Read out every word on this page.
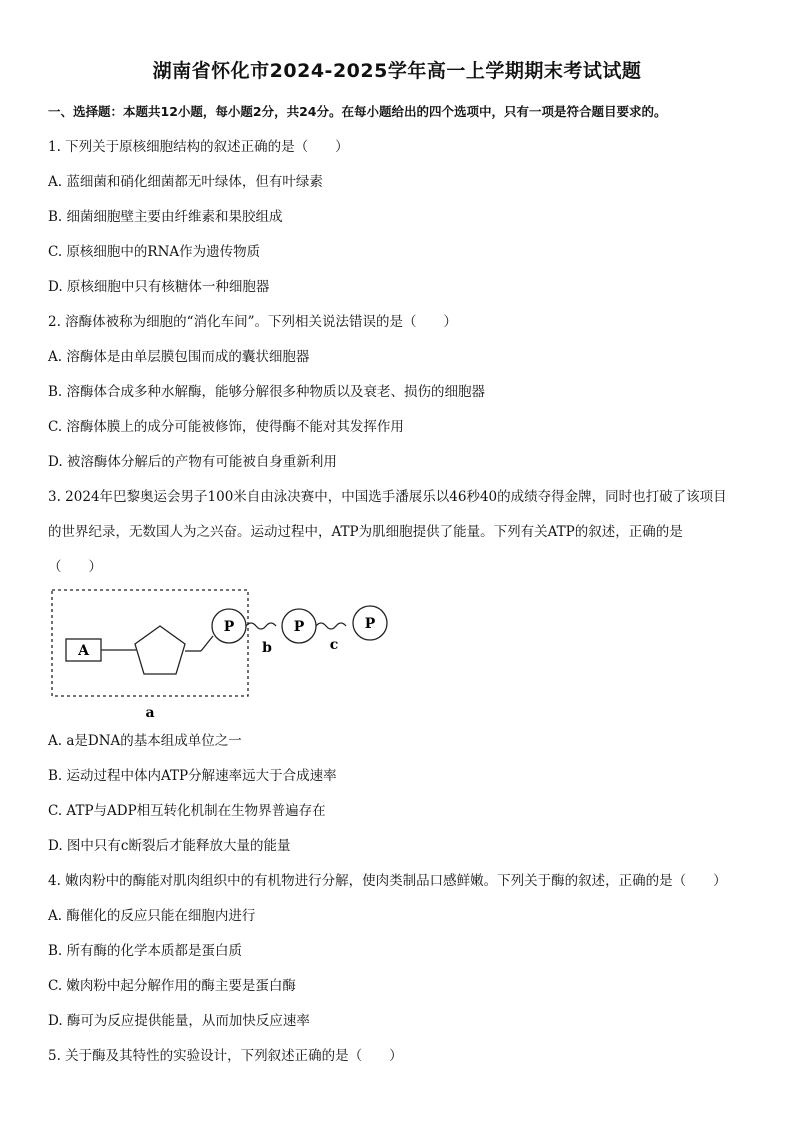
湖南省怀化市2024-2025学年高一上学期期末考试试题
一、选择题：本题共12小题，每小题2分，共24分。在每小题给出的四个选项中，只有一项是符合题目要求的。
1. 下列关于原核细胞结构的叙述正确的是（　　）
A. 蓝细菌和硝化细菌都无叶绿体，但有叶绿素
B. 细菌细胞壁主要由纤维素和果胶组成
C. 原核细胞中的RNA作为遗传物质
D. 原核细胞中只有核糖体一种细胞器
2. 溶酶体被称为细胞的“消化车间”。下列相关说法错误的是（　　）
A. 溶酶体是由单层膜包围而成的囊状细胞器
B. 溶酶体合成多种水解酶，能够分解很多种物质以及衰老、损伤的细胞器
C. 溶酶体膜上的成分可能被修饰，使得酶不能对其发挥作用
D. 被溶酶体分解后的产物有可能被自身重新利用
3. 2024年巴黎奥运会男子100米自由泳决赛中，中国选手潘展乐以46秒40的成绩夺得金牌，同时也打破了该项目
的世界纪录，无数国人为之兴奋。运动过程中，ATP为肌细胞提供了能量。下列有关ATP的叙述，正确的是
（　　）
A
P
b
P
c
P
a
A. a是DNA的基本组成单位之一
B. 运动过程中体内ATP分解速率远大于合成速率
C. ATP与ADP相互转化机制在生物界普遍存在
D. 图中只有c断裂后才能释放大量的能量
4. 嫩肉粉中的酶能对肌肉组织中的有机物进行分解，使肉类制品口感鲜嫩。下列关于酶的叙述，正确的是（　　）
A. 酶催化的反应只能在细胞内进行
B. 所有酶的化学本质都是蛋白质
C. 嫩肉粉中起分解作用的酶主要是蛋白酶
D. 酶可为反应提供能量，从而加快反应速率
5. 关于酶及其特性的实验设计，下列叙述正确的是（　　）
